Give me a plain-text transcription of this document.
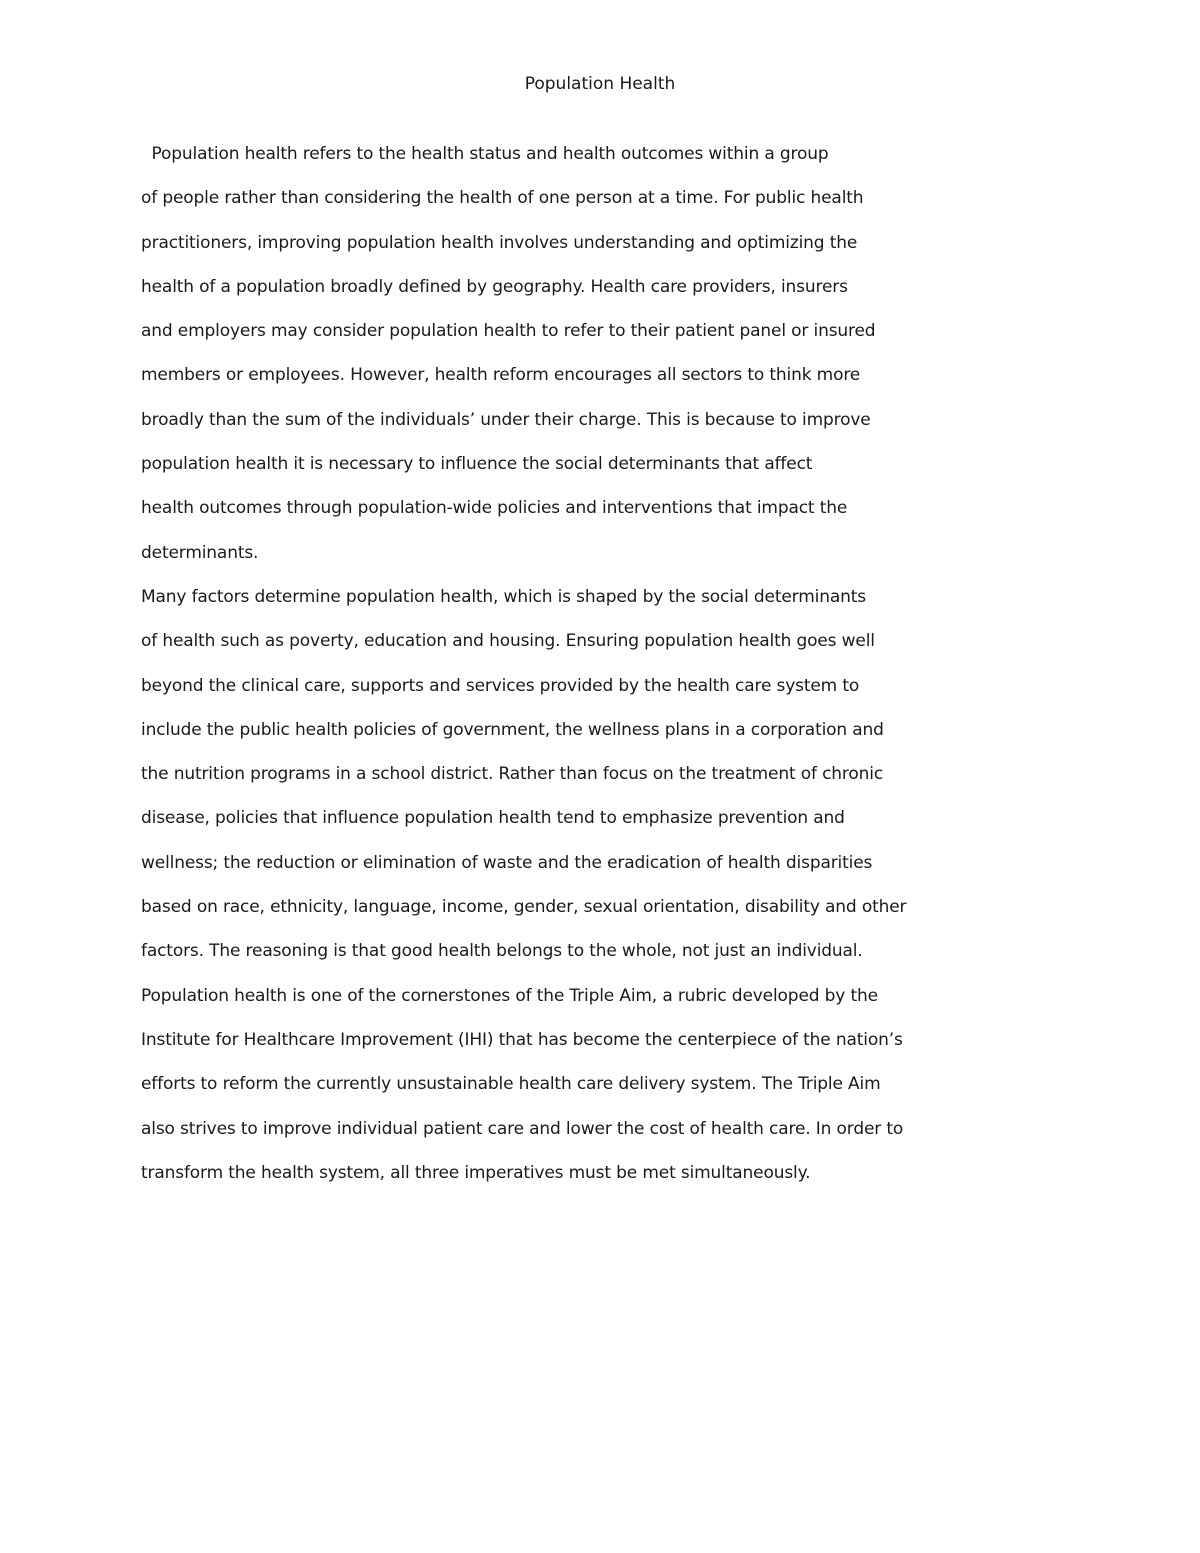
Population Health
Population health refers to the health status and health outcomes within a group
of people rather than considering the health of one person at a time. For public health
practitioners, improving population health involves understanding and optimizing the
health of a population broadly defined by geography. Health care providers, insurers
and employers may consider population health to refer to their patient panel or insured
members or employees. However, health reform encourages all sectors to think more
broadly than the sum of the individuals’ under their charge. This is because to improve
population health it is necessary to influence the social determinants that affect
health outcomes through population-wide policies and interventions that impact the
determinants.
Many factors determine population health, which is shaped by the social determinants
of health such as poverty, education and housing. Ensuring population health goes well
beyond the clinical care, supports and services provided by the health care system to
include the public health policies of government, the wellness plans in a corporation and
the nutrition programs in a school district. Rather than focus on the treatment of chronic
disease, policies that influence population health tend to emphasize prevention and
wellness; the reduction or elimination of waste and the eradication of health disparities
based on race, ethnicity, language, income, gender, sexual orientation, disability and other
factors. The reasoning is that good health belongs to the whole, not just an individual.
Population health is one of the cornerstones of the Triple Aim, a rubric developed by the
Institute for Healthcare Improvement (IHI) that has become the centerpiece of the nation’s
efforts to reform the currently unsustainable health care delivery system. The Triple Aim
also strives to improve individual patient care and lower the cost of health care. In order to
transform the health system, all three imperatives must be met simultaneously.
